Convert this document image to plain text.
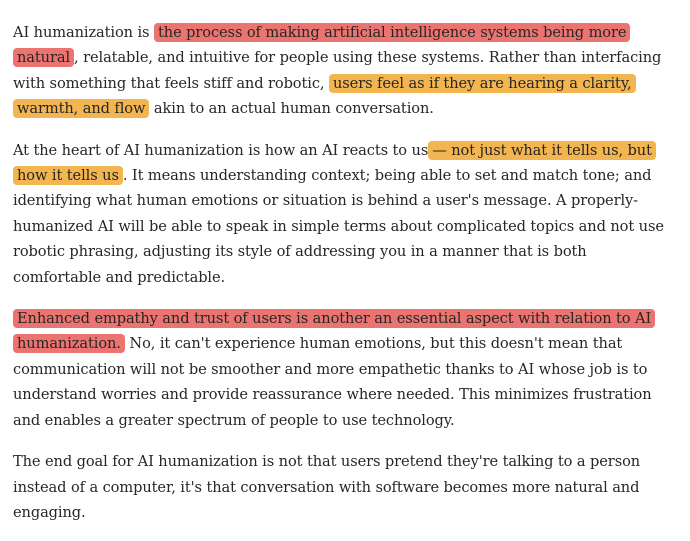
AI humanization is the process of making artificial intelligence systems being more natural , relatable, and intuitive for people using these systems. Rather than interfacing with something that feels stiff and robotic, users feel as if they are hearing a clarity, warmth, and flow akin to an actual human conversation.

At the heart of AI humanization is how an AI reacts to us — not just what it tells us, but how it tells us . It means understanding context; being able to set and match tone; and identifying what human emotions or situation is behind a user's message. A properly-humanized AI will be able to speak in simple terms about complicated topics and not use robotic phrasing, adjusting its style of addressing you in a manner that is both comfortable and predictable.

Enhanced empathy and trust of users is another an essential aspect with relation to AI humanization. No, it can't experience human emotions, but this doesn't mean that communication will not be smoother and more empathetic thanks to AI whose job is to understand worries and provide reassurance where needed. This minimizes frustration and enables a greater spectrum of people to use technology.

The end goal for AI humanization is not that users pretend they're talking to a person instead of a computer, it's that conversation with software becomes more natural and engaging.
